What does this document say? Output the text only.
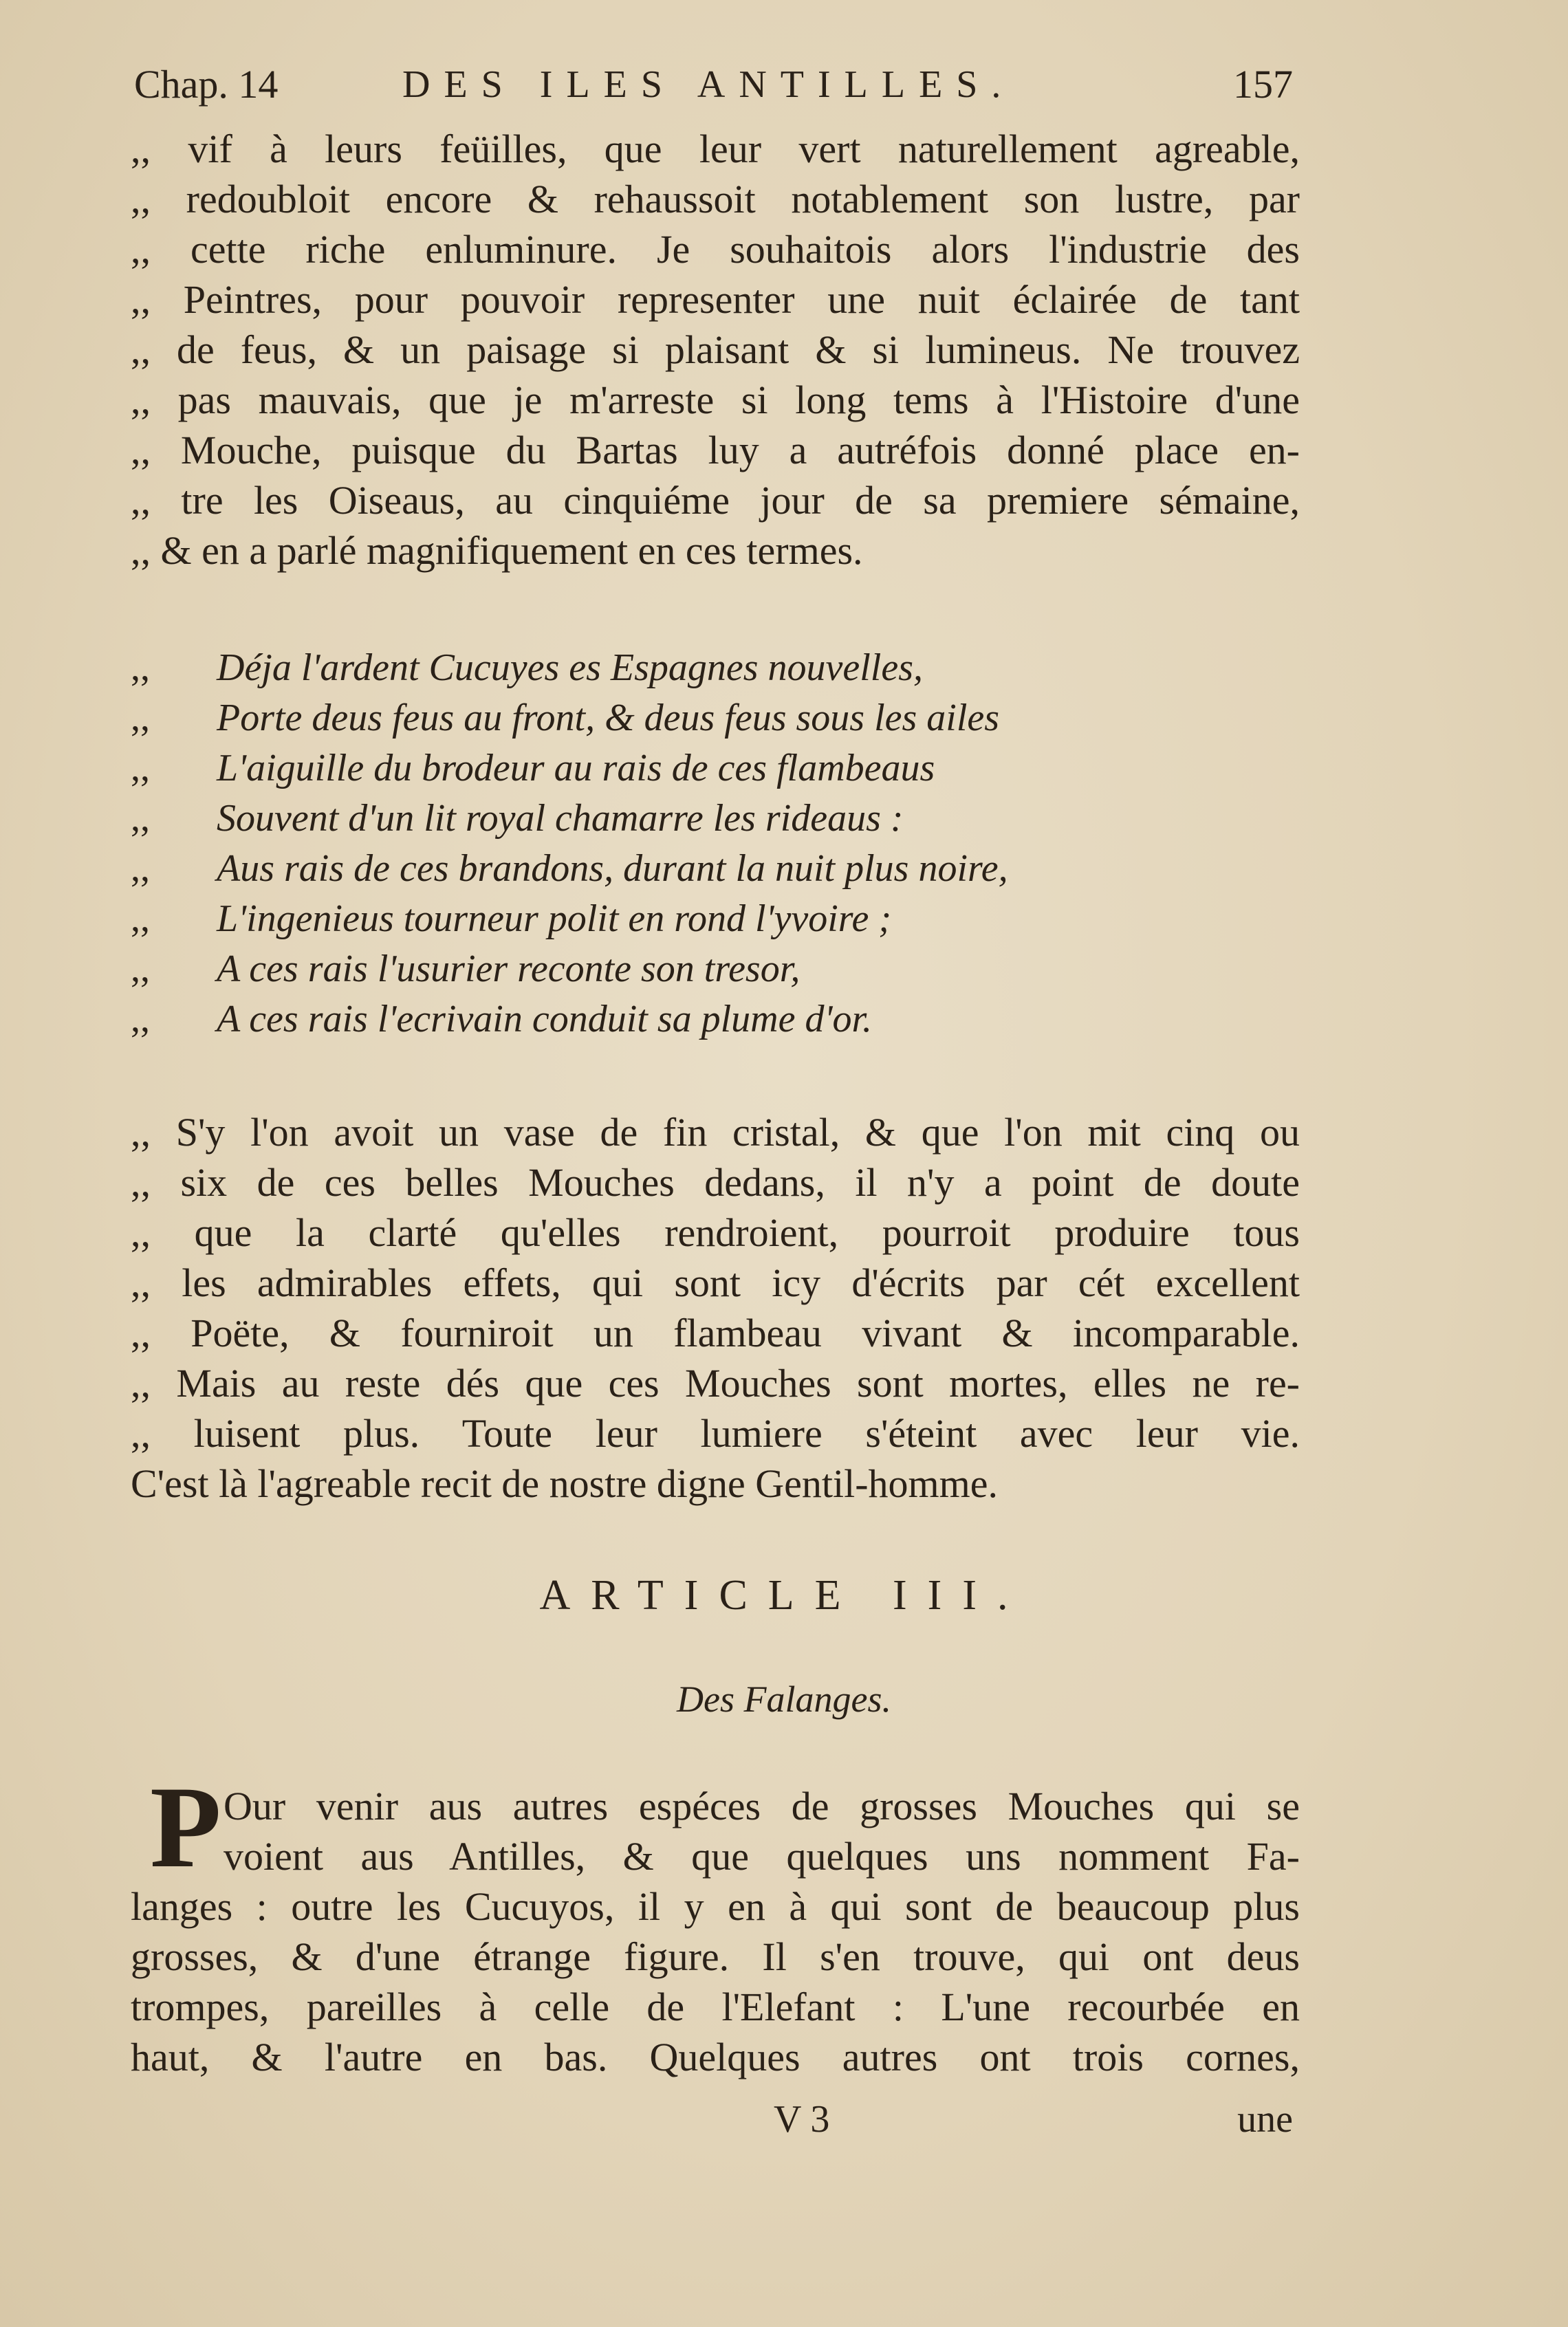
Chap. 14	DES ILES ANTILLES.	157
,, vif à leurs feüilles, que leur vert naturellement agreable,
,, redoubloit encore & rehaussoit notablement son lustre, par
,, cette riche enluminure. Je souhaitois alors l'industrie des
,, Peintres, pour pouvoir representer une nuit éclairée de tant
,, de feus, & un paisage si plaisant & si lumineus. Ne trouvez
,, pas mauvais, que je m'arreste si long tems à l'Histoire d'une
,, Mouche, puisque du Bartas luy a autréfois donné place en-
,, tre les Oiseaus, au cinquiéme jour de sa premiere sémaine,
,, & en a parlé magnifiquement en ces termes.
,, Déja l'ardent Cucuyes es Espagnes nouvelles,
,, Porte deus feus au front, & deus feus sous les ailes
,, L'aiguille du brodeur au rais de ces flambeaus
,, Souvent d'un lit royal chamarre les rideaus :
,, Aus rais de ces brandons, durant la nuit plus noire,
,, L'ingenieus tourneur polit en rond l'yvoire ;
,, A ces rais l'usurier reconte son tresor,
,, A ces rais l'ecrivain conduit sa plume d'or.
,, S'y l'on avoit un vase de fin cristal, & que l'on mit cinq ou
,, six de ces belles Mouches dedans, il n'y a point de doute
,, que la clarté qu'elles rendroient, pourroit produire tous
,, les admirables effets, qui sont icy d'écrits par cét excellent
,, Poëte, & fourniroit un flambeau vivant & incomparable.
,, Mais au reste dés que ces Mouches sont mortes, elles ne re-
,, luisent plus. Toute leur lumiere s'éteint avec leur vie.
C'est là l'agreable recit de nostre digne Gentil-homme.
ARTICLE III.
Des Falanges.
P Our venir aus autres espéces de grosses Mouches qui se
voient aus Antilles, & que quelques uns nomment Fa-
langes : outre les Cucuyos, il y en à qui sont de beaucoup plus
grosses, & d'une étrange figure. Il s'en trouve, qui ont deus
trompes, pareilles à celle de l'Elefant : L'une recourbée en
haut, & l'autre en bas. Quelques autres ont trois cornes,
V 3	une
